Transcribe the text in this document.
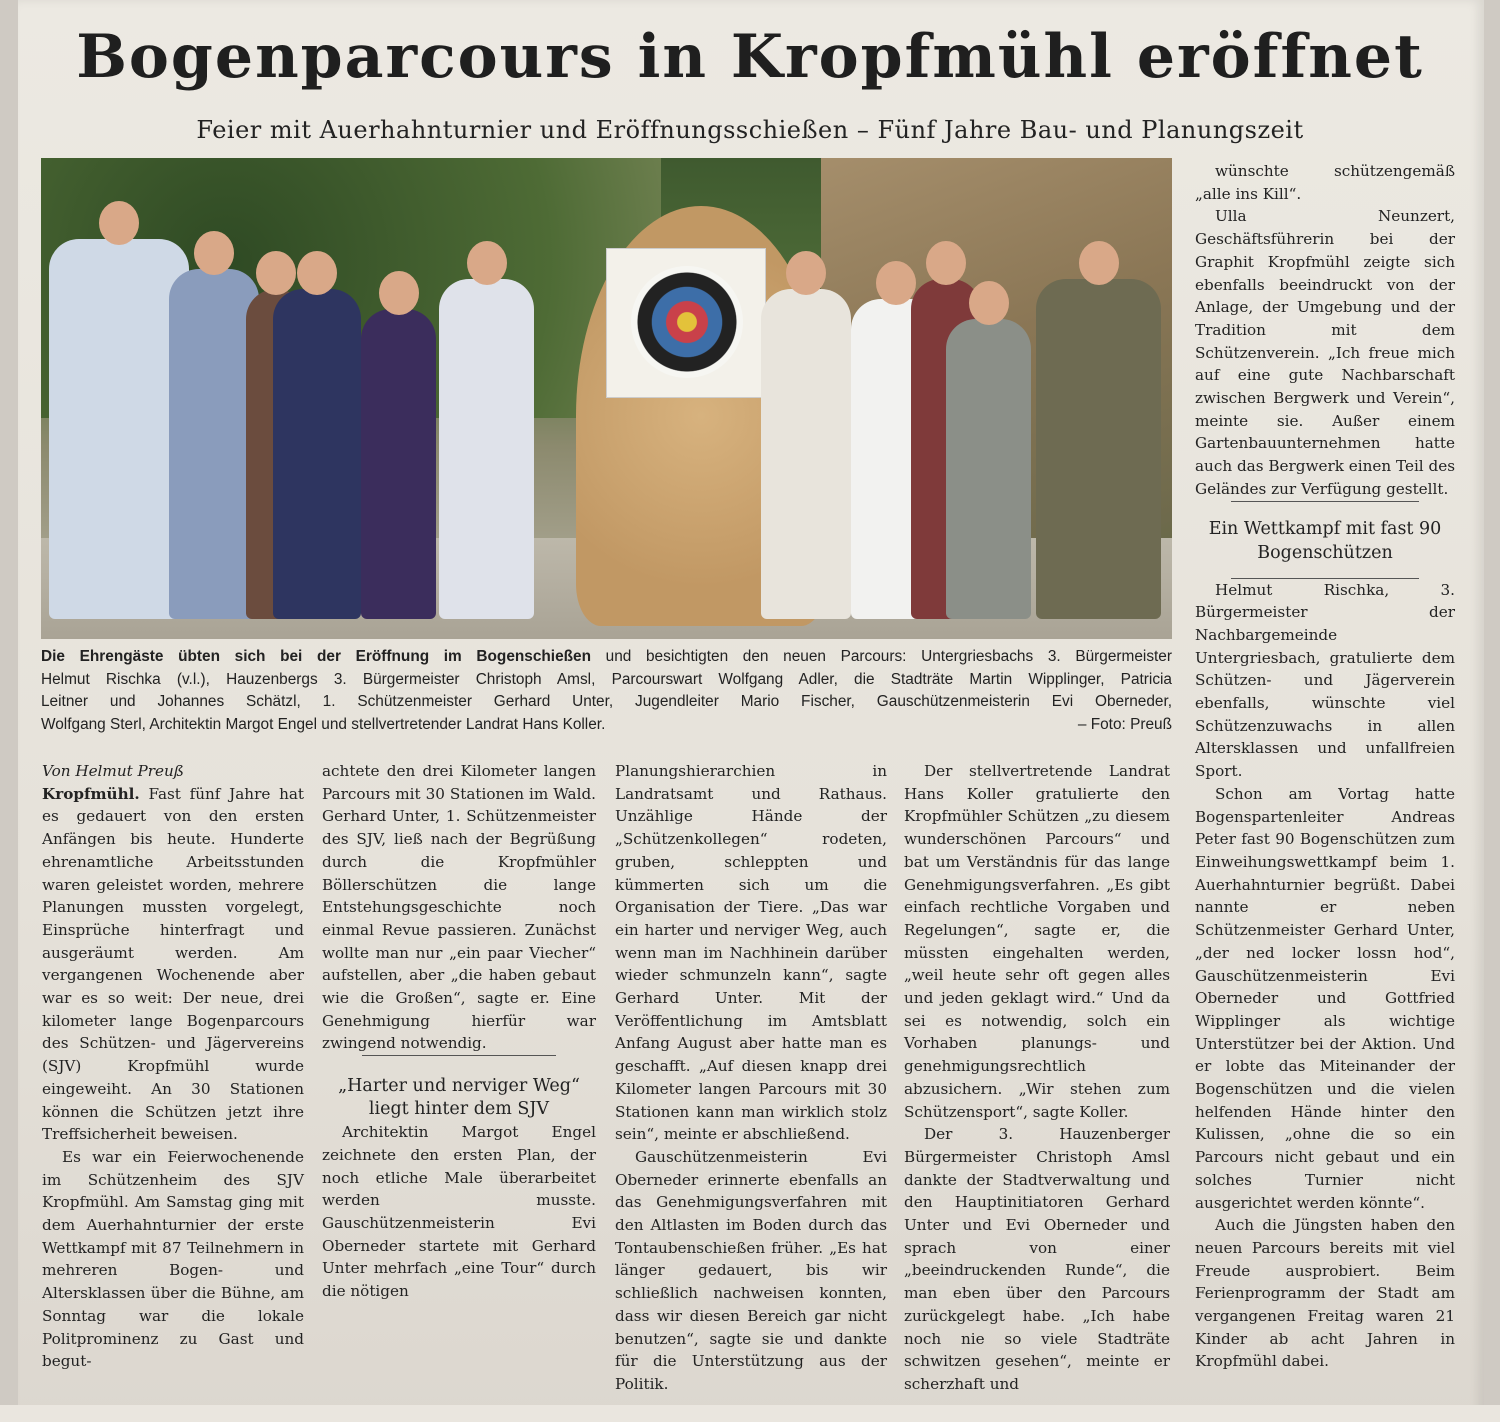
Bogenparcours in Kropfmühl eröffnet
Feier mit Auerhahnturnier und Eröffnungsschießen – Fünf Jahre Bau- und Planungszeit

Die Ehrengäste übten sich bei der Eröffnung im Bogenschießen und besichtigten den neuen Parcours: Untergriesbachs 3. Bürgermeister

Helmut Rischka (v.l.), Hauzenbergs 3. Bürgermeister Christoph Amsl, Parcourswart Wolfgang Adler, die Stadträte Martin Wipplinger, Patricia

Leitner und Johannes Schätzl, 1. Schützenmeister Gerhard Unter, Jugendleiter Mario Fischer, Gauschützenmeisterin Evi Oberneder,

Wolfgang Sterl, Architektin Margot Engel und stellvertretender Landrat Hans Koller.	– Foto: Preuß

Von Helmut Preuß

Kropfmühl. Fast fünf Jahre hat es gedauert von den ersten Anfängen bis heute. Hunderte ehrenamtliche Arbeitsstunden waren geleistet worden, mehrere Planungen mussten vorgelegt, Einsprüche hinterfragt und ausgeräumt werden. Am vergangenen Wochenende aber war es so weit: Der neue, drei kilometer lange Bogenparcours des Schützen- und Jägervereins (SJV) Kropfmühl wurde eingeweiht. An 30 Stationen können die Schützen jetzt ihre Treffsicherheit beweisen.

Es war ein Feierwochenende im Schützenheim des SJV Kropfmühl. Am Samstag ging mit dem Auerhahnturnier der erste Wettkampf mit 87 Teilnehmern in mehreren Bogen- und Altersklassen über die Bühne, am Sonntag war die lokale Politprominenz zu Gast und begut-

achtete den drei Kilometer langen Parcours mit 30 Stationen im Wald. Gerhard Unter, 1. Schützenmeister des SJV, ließ nach der Begrüßung durch die Kropfmühler Böllerschützen die lange Entstehungsgeschichte noch einmal Revue passieren. Zunächst wollte man nur „ein paar Viecher“ aufstellen, aber „die haben gebaut wie die Großen“, sagte er. Eine Genehmigung hierfür war zwingend notwendig.

„Harter und nerviger Weg“ liegt hinter dem SJV

Architektin Margot Engel zeichnete den ersten Plan, der noch etliche Male überarbeitet werden musste. Gauschützenmeisterin Evi Oberneder startete mit Gerhard Unter mehrfach „eine Tour“ durch die nötigen

Planungshierarchien in Landratsamt und Rathaus. Unzählige Hände der „Schützenkollegen“ rodeten, gruben, schleppten und kümmerten sich um die Organisation der Tiere. „Das war ein harter und nerviger Weg, auch wenn man im Nachhinein darüber wieder schmunzeln kann“, sagte Gerhard Unter. Mit der Veröffentlichung im Amtsblatt Anfang August aber hatte man es geschafft. „Auf diesen knapp drei Kilometer langen Parcours mit 30 Stationen kann man wirklich stolz sein“, meinte er abschließend.

Gauschützenmeisterin Evi Oberneder erinnerte ebenfalls an das Genehmigungsverfahren mit den Altlasten im Boden durch das Tontaubenschießen früher. „Es hat länger gedauert, bis wir schließlich nachweisen konnten, dass wir diesen Bereich gar nicht benutzen“, sagte sie und dankte für die Unterstützung aus der Politik.

Der stellvertretende Landrat Hans Koller gratulierte den Kropfmühler Schützen „zu diesem wunderschönen Parcours“ und bat um Verständnis für das lange Genehmigungsverfahren. „Es gibt einfach rechtliche Vorgaben und Regelungen“, sagte er, die müssten eingehalten werden, „weil heute sehr oft gegen alles und jeden geklagt wird.“ Und da sei es notwendig, solch ein Vorhaben planungs- und genehmigungsrechtlich abzusichern. „Wir stehen zum Schützensport“, sagte Koller.

Der 3. Hauzenberger Bürgermeister Christoph Amsl dankte der Stadtverwaltung und den Hauptinitiatoren Gerhard Unter und Evi Oberneder und sprach von einer „beeindruckenden Runde“, die man eben über den Parcours zurückgelegt habe. „Ich habe noch nie so viele Stadträte schwitzen gesehen“, meinte er scherzhaft und

wünschte schützengemäß „alle ins Kill“.

Ulla Neunzert, Geschäftsführerin bei der Graphit Kropfmühl zeigte sich ebenfalls beeindruckt von der Anlage, der Umgebung und der Tradition mit dem Schützenverein. „Ich freue mich auf eine gute Nachbarschaft zwischen Bergwerk und Verein“, meinte sie. Außer einem Gartenbauunternehmen hatte auch das Bergwerk einen Teil des Geländes zur Verfügung gestellt.

Ein Wettkampf mit fast 90 Bogenschützen

Helmut Rischka, 3. Bürgermeister der Nachbargemeinde Untergriesbach, gratulierte dem Schützen- und Jägerverein ebenfalls, wünschte viel Schützenzuwachs in allen Altersklassen und unfallfreien Sport.

Schon am Vortag hatte Bogenspartenleiter Andreas Peter fast 90 Bogenschützen zum Einweihungswettkampf beim 1. Auerhahnturnier begrüßt. Dabei nannte er neben Schützenmeister Gerhard Unter, „der ned locker lossn hod“, Gauschützenmeisterin Evi Oberneder und Gottfried Wipplinger als wichtige Unterstützer bei der Aktion. Und er lobte das Miteinander der Bogenschützen und die vielen helfenden Hände hinter den Kulissen, „ohne die so ein Parcours nicht gebaut und ein solches Turnier nicht ausgerichtet werden könnte“.

Auch die Jüngsten haben den neuen Parcours bereits mit viel Freude ausprobiert. Beim Ferienprogramm der Stadt am vergangenen Freitag waren 21 Kinder ab acht Jahren in Kropfmühl dabei.
